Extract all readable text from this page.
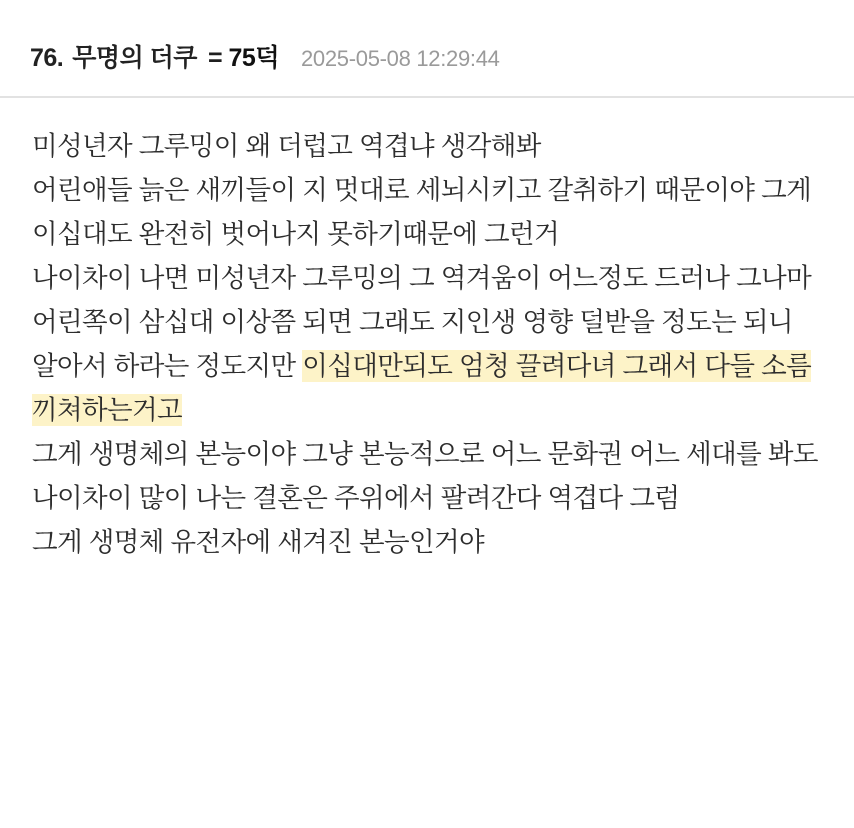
76. 무명의 더쿠 = 75덕 2025-05-08 12:29:44

미성년자 그루밍이 왜 더럽고 역겹냐 생각해봐

어린애들 늙은 새끼들이 지 멋대로 세뇌시키고 갈취하기 때문이야 그게 이십대도 완전히 벗어나지 못하기때문에 그런거

나이차이 나면 미성년자 그루밍의 그 역겨움이 어느정도 드러나 그나마 어린쪽이 삼십대 이상쯤 되면 그래도 지인생 영향 덜받을 정도는 되니 알아서 하라는 정도지만 이십대만되도 엄청 끌려다녀 그래서 다들 소름 끼쳐하는거고

그게 생명체의 본능이야 그냥 본능적으로 어느 문화권 어느 세대를 봐도 나이차이 많이 나는 결혼은 주위에서 팔려간다 역겹다 그럼

그게 생명체 유전자에 새겨진 본능인거야
